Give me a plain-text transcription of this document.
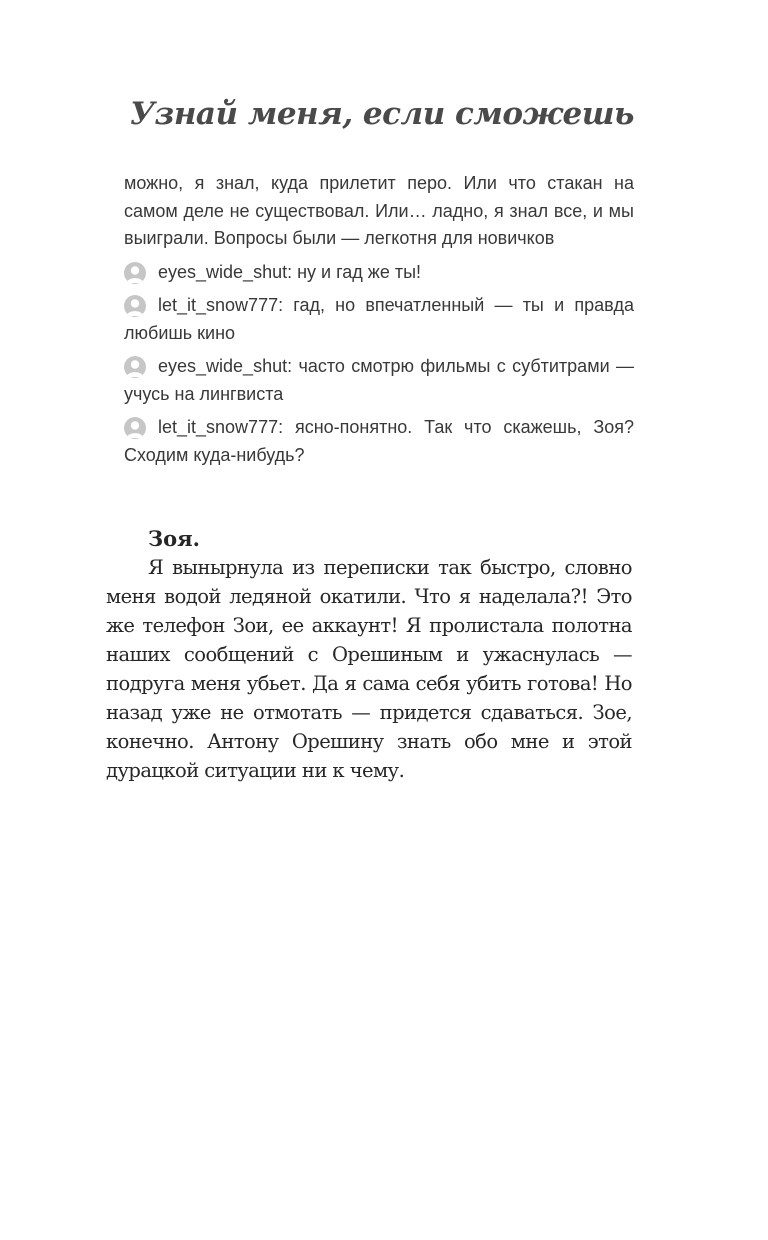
Узнай меня, если сможешь

можно, я знал, куда прилетит перо. Или что стакан на самом деле не существовал. Или… ладно, я знал все, и мы выиграли. Вопросы были — легкотня для новичков

eyes_wide_shut: ну и гад же ты!

let_it_snow777: гад, но впечатленный — ты и правда любишь кино

eyes_wide_shut: часто смотрю фильмы с субтитрами — учусь на лингвиста

let_it_snow777: ясно-понятно. Так что скажешь, Зоя? Сходим куда-нибудь?

Зоя.

Я вынырнула из переписки так быстро, словно меня водой ледяной окатили. Что я наделала?! Это же телефон Зои, ее аккаунт! Я пролистала полотна наших сообщений с Орешиным и ужаснулась — подруга меня убьет. Да я сама себя убить готова! Но назад уже не отмотать — придется сдаваться. Зое, конечно. Антону Орешину знать обо мне и этой дурацкой ситуации ни к чему.
